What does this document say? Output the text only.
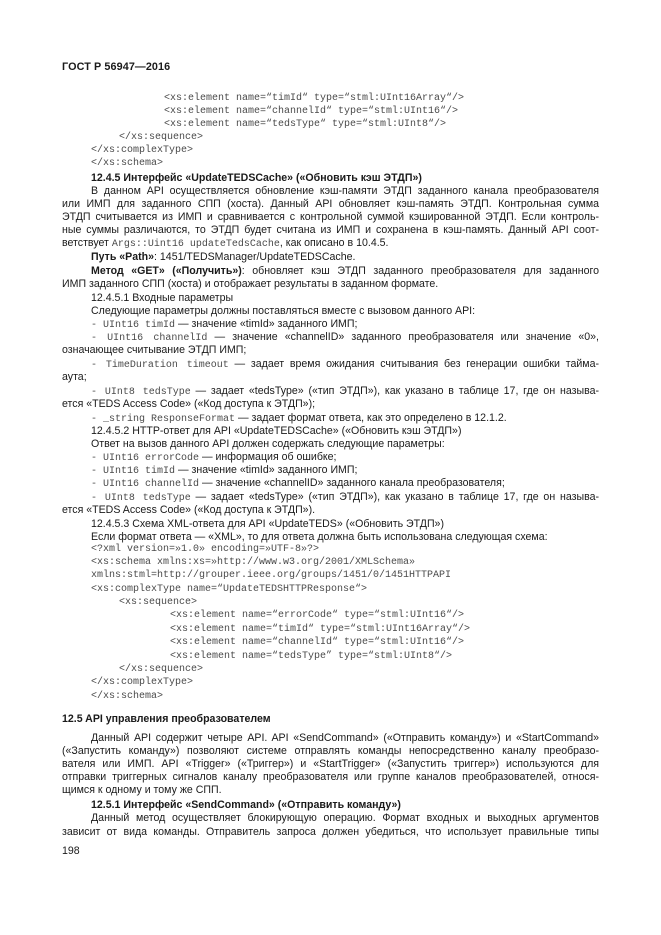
ГОСТ Р 56947—2016
<xs:element name=“timId“ type=“stml:UInt16Array“/>
<xs:element name=“channelId“ type=“stml:UInt16“/>
<xs:element name=“tedsType“ type=“stml:UInt8“/>
</xs:sequence>
</xs:complexType>
</xs:schema>
12.4.5 Интерфейс «UpdateTEDSCache» («Обновить кэш ЭТДП»)
В данном API осуществляется обновление кэш-памяти ЭТДП заданного канала преобразователя
или ИМП для заданного СПП (хоста). Данный API обновляет кэш-память ЭТДП. Контрольная сумма
ЭТДП считывается из ИМП и сравнивается с контрольной суммой кэшированной ЭТДП. Если контроль-
ные суммы различаются, то ЭТДП будет считана из ИМП и сохранена в кэш-память. Данный API соот-
ветствует Args::Uint16 updateTedsCache, как описано в 10.4.5.
Путь «Path»: 1451/TEDSManager/UpdateTEDSCache.
Метод «GET» («Получить»): обновляет кэш ЭТДП заданного преобразователя для заданного
ИМП заданного СПП (хоста) и отображает результаты в заданном формате.
12.4.5.1 Входные параметры
Следующие параметры должны поставляться вместе с вызовом данного API:
- UInt16 timId — значение «timId» заданного ИМП;
- UInt16 channelId — значение «channelID» заданного преобразователя или значение «0»,
означающее считывание ЭТДП ИМП;
- TimeDuration timeout — задает время ожидания считывания без генерации ошибки тайма-
аута;
- UInt8 tedsType — задает «tedsType» («тип ЭТДП»), как указано в таблице 17, где он называ-
ется «TEDS Access Code» («Код доступа к ЭТДП»);
- _string ResponseFormat — задает формат ответа, как это определено в 12.1.2.
12.4.5.2 HTTP-ответ для API «UpdateTEDSCache» («Обновить кэш ЭТДП»)
Ответ на вызов данного API должен содержать следующие параметры:
- UInt16 errorCode — информация об ошибке;
- UInt16 timId — значение «timId» заданного ИМП;
- UInt16 channelId — значение «channelID» заданного канала преобразователя;
- UInt8 tedsType — задает «tedsType» («тип ЭТДП»), как указано в таблице 17, где он называ-
ется «TEDS Access Code» («Код доступа к ЭТДП»).
12.4.5.3 Схема XML-ответа для API «UpdateTEDS» («Обновить ЭТДП»)
Если формат ответа — «XML», то для ответа должна быть использована следующая схема:
<?xml version=»1.0» encoding=»UTF-8»?>
<xs:schema xmlns:xs=»http://www.w3.org/2001/XMLSchema»
xmlns:stml=http://grouper.ieee.org/groups/1451/0/1451HTTPAPI
<xs:complexType name=“UpdateTEDSHTTPResponse“>
<xs:sequence>
<xs:element name=“errorCode“ type=“stml:UInt16“/>
<xs:element name=“timId“ type=“stml:UInt16Array“/>
<xs:element name=“channelId“ type=“stml:UInt16“/>
<xs:element name=“tedsType” type=“stml:UInt8“/>
</xs:sequence>
</xs:complexType>
</xs:schema>
12.5 API управления преобразователем
Данный API содержит четыре API. API «SendCommand» («Отправить команду») и «StartCommand»
(«Запустить команду») позволяют системе отправлять команды непосредственно каналу преобразо-
вателя или ИМП. API «Trigger» («Триггер») и «StartTrigger» («Запустить триггер») используются для
отправки триггерных сигналов каналу преобразователя или группе каналов преобразователей, относя-
щимся к одному и тому же СПП.
12.5.1 Интерфейс «SendCommand» («Отправить команду»)
Данный метод осуществляет блокирующую операцию. Формат входных и выходных аргументов
зависит от вида команды. Отправитель запроса должен убедиться, что использует правильные типы
198
